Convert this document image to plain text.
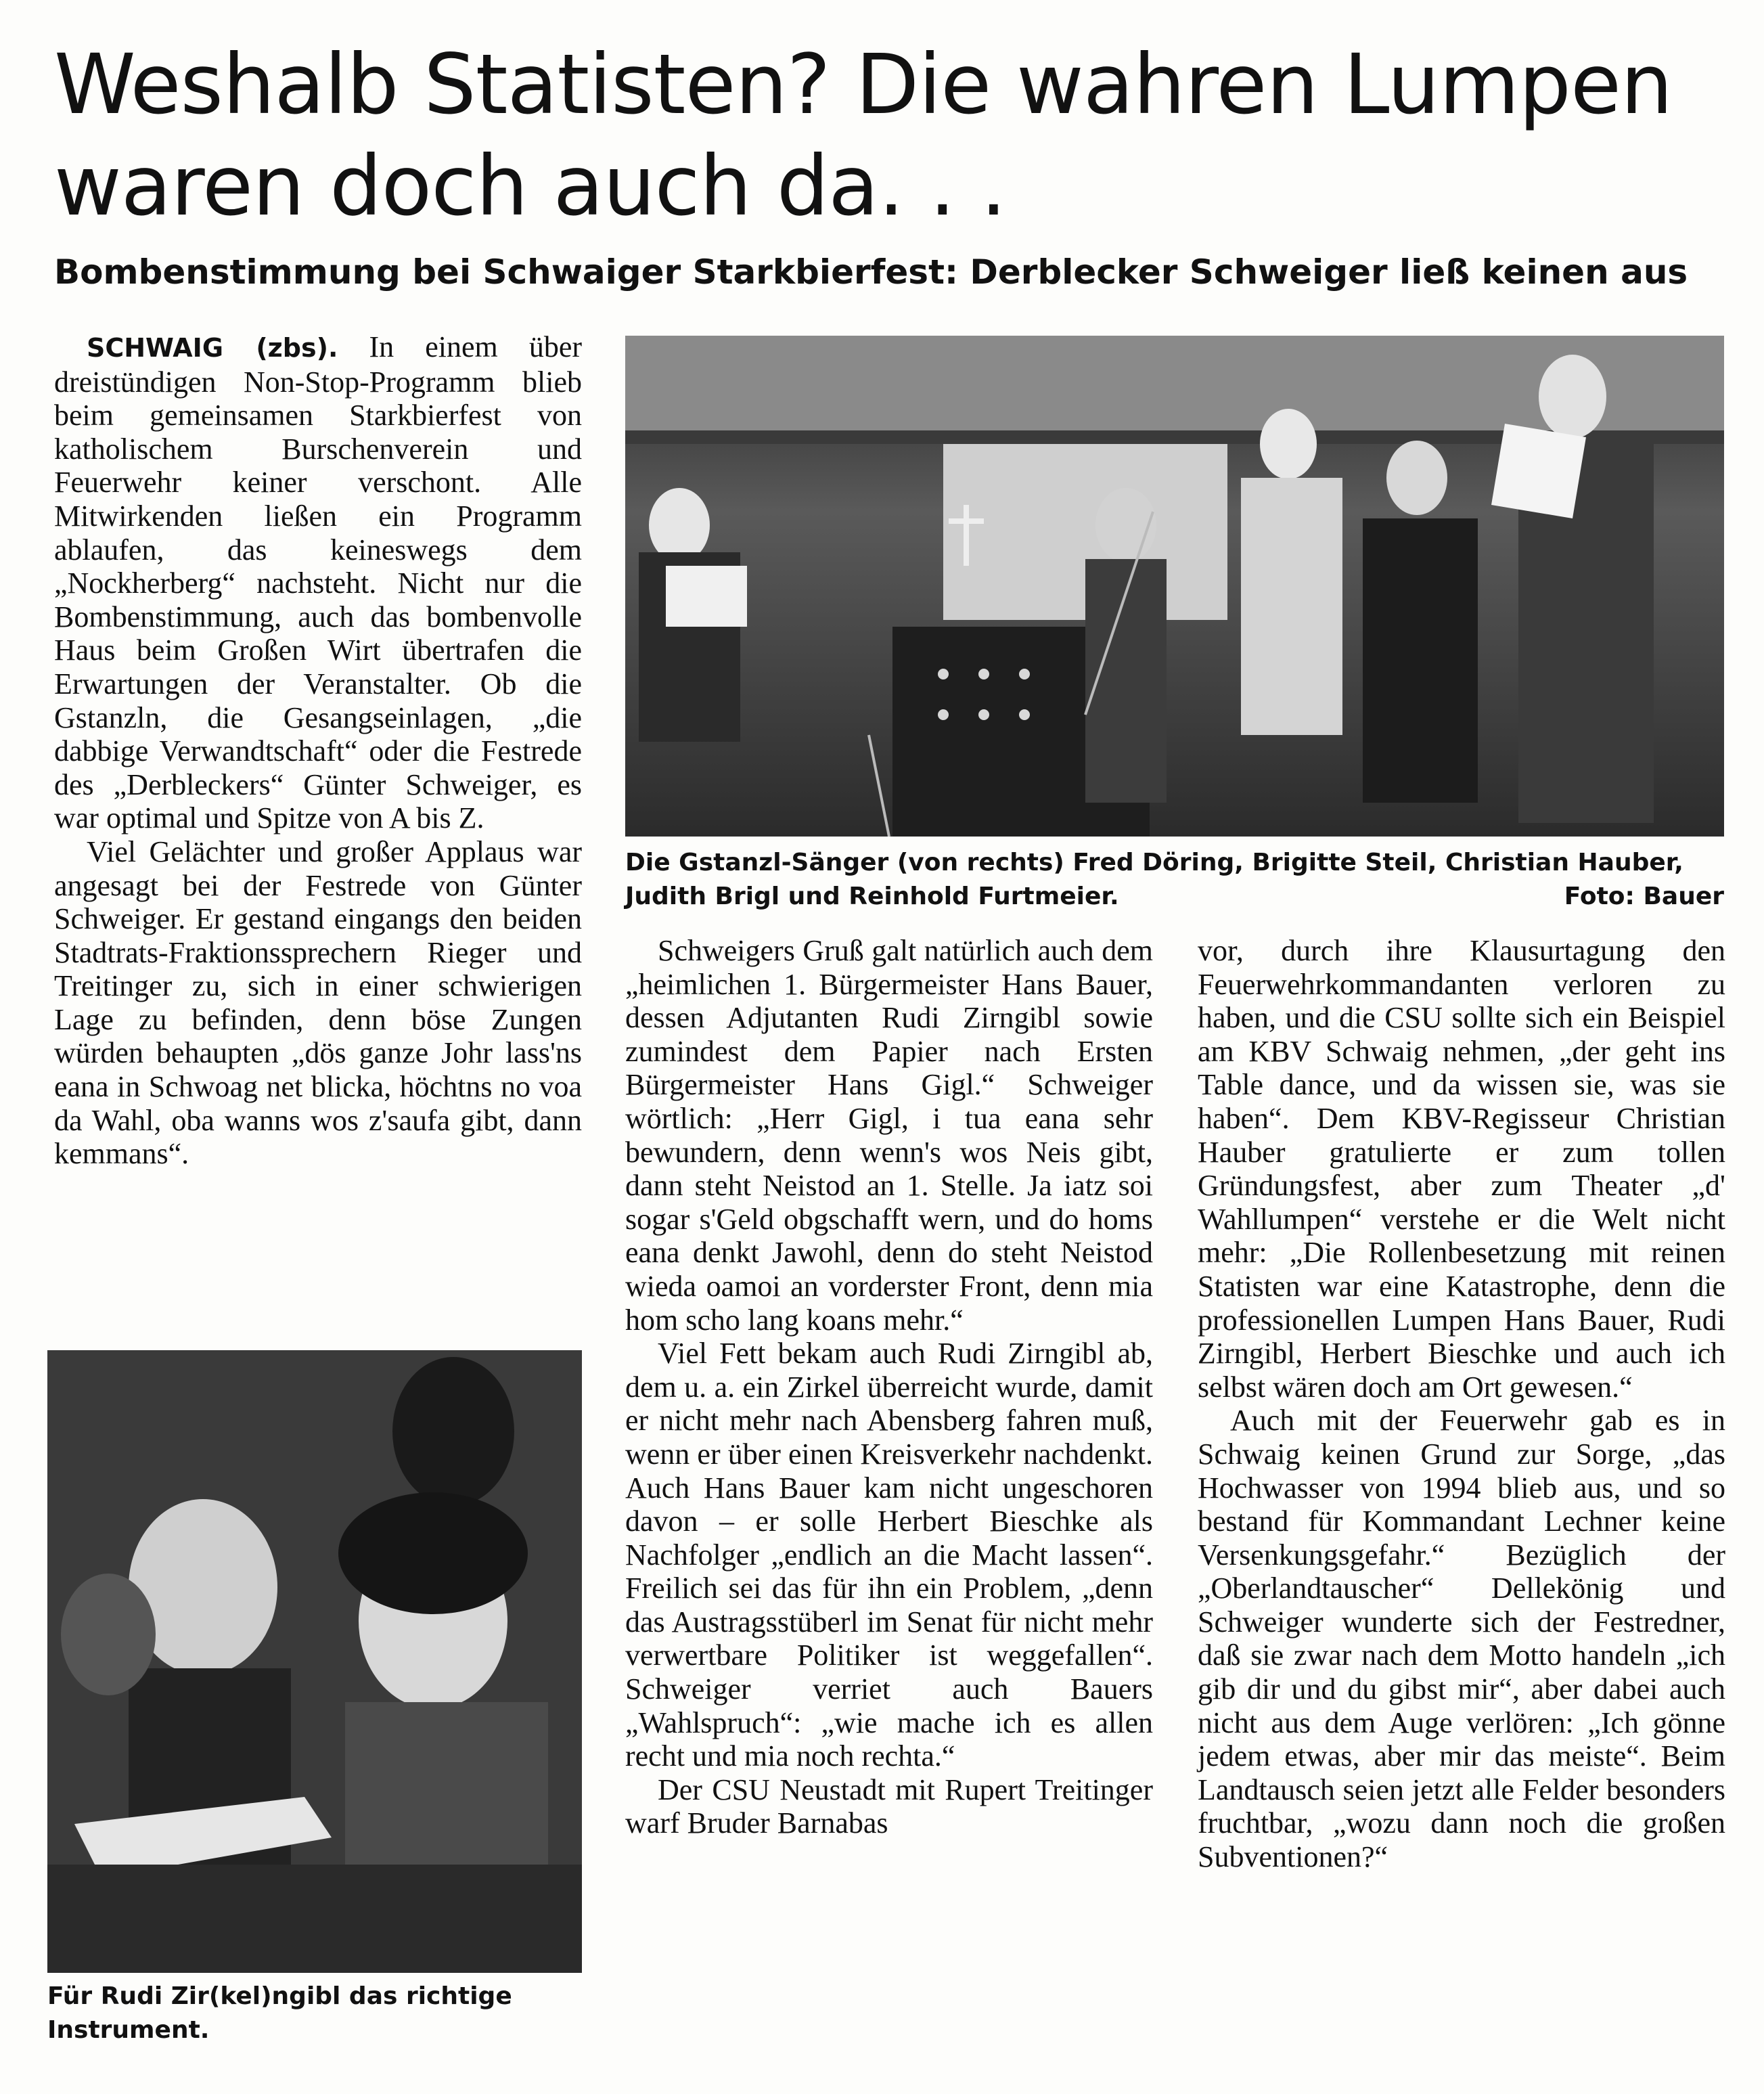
Weshalb Statisten? Die wahren Lumpen waren doch auch da. . .
Bombenstimmung bei Schwaiger Starkbierfest: Derblecker Schweiger ließ keinen aus

SCHWAIG (zbs). In einem über dreistündigen Non-Stop-Programm blieb beim gemeinsamen Starkbierfest von katholischem Burschenverein und Feuerwehr keiner verschont. Alle Mitwirkenden ließen ein Programm ablaufen, das keineswegs dem „Nockherberg“ nachsteht. Nicht nur die Bombenstimmung, auch das bombenvolle Haus beim Großen Wirt übertrafen die Erwartungen der Veranstalter. Ob die Gstanzln, die Gesangseinlagen, „die dabbige Verwandtschaft“ oder die Festrede des „Derbleckers“ Günter Schweiger, es war optimal und Spitze von A bis Z.

Viel Gelächter und großer Applaus war angesagt bei der Festrede von Günter Schweiger. Er gestand eingangs den beiden Stadtrats-Fraktionssprechern Rieger und Treitinger zu, sich in einer schwierigen Lage zu befinden, denn böse Zungen würden behaupten „dös ganze Johr lass'ns eana in Schwoag net blicka, höchtns no voa da Wahl, oba wanns wos z'saufa gibt, dann kemmans“.

Die Gstanzl-Sänger (von rechts) Fred Döring, Brigitte Steil, Christian Hauber, Judith Brigl und Reinhold Furtmeier.	Foto: Bauer

Schweigers Gruß galt natürlich auch dem „heimlichen 1. Bürgermeister Hans Bauer, dessen Adjutanten Rudi Zirngibl sowie zumindest dem Papier nach Ersten Bürgermeister Hans Gigl.“ Schweiger wörtlich: „Herr Gigl, i tua eana sehr bewundern, denn wenn's wos Neis gibt, dann steht Neistod an 1. Stelle. Ja iatz soi sogar s'Geld obgschafft wern, und do homs eana denkt Jawohl, denn do steht Neistod wieda oamoi an vorderster Front, denn mia hom scho lang koans mehr.“

Viel Fett bekam auch Rudi Zirngibl ab, dem u. a. ein Zirkel überreicht wurde, damit er nicht mehr nach Abensberg fahren muß, wenn er über einen Kreisverkehr nachdenkt. Auch Hans Bauer kam nicht ungeschoren davon – er solle Herbert Bieschke als Nachfolger „endlich an die Macht lassen“. Freilich sei das für ihn ein Problem, „denn das Austragsstüberl im Senat für nicht mehr verwertbare Politiker ist weggefallen“. Schweiger verriet auch Bauers „Wahlspruch“: „wie mache ich es allen recht und mia noch rechta.“

Der CSU Neustadt mit Rupert Treitinger warf Bruder Barnabas

vor, durch ihre Klausurtagung den Feuerwehrkommandanten verloren zu haben, und die CSU sollte sich ein Beispiel am KBV Schwaig nehmen, „der geht ins Table dance, und da wissen sie, was sie haben“. Dem KBV-Regisseur Christian Hauber gratulierte er zum tollen Gründungsfest, aber zum Theater „d' Wahllumpen“ verstehe er die Welt nicht mehr: „Die Rollenbesetzung mit reinen Statisten war eine Katastrophe, denn die professionellen Lumpen Hans Bauer, Rudi Zirngibl, Herbert Bieschke und auch ich selbst wären doch am Ort gewesen.“

Auch mit der Feuerwehr gab es in Schwaig keinen Grund zur Sorge, „das Hochwasser von 1994 blieb aus, und so bestand für Kommandant Lechner keine Versenkungsgefahr.“ Bezüglich der „Oberlandtauscher“ Dellekönig und Schweiger wunderte sich der Festredner, daß sie zwar nach dem Motto handeln „ich gib dir und du gibst mir“, aber dabei auch nicht aus dem Auge verlören: „Ich gönne jedem etwas, aber mir das meiste“. Beim Landtausch seien jetzt alle Felder besonders fruchtbar, „wozu dann noch die großen Subventionen?“

Für Rudi Zir(kel)ngibl das richtige Instrument.
